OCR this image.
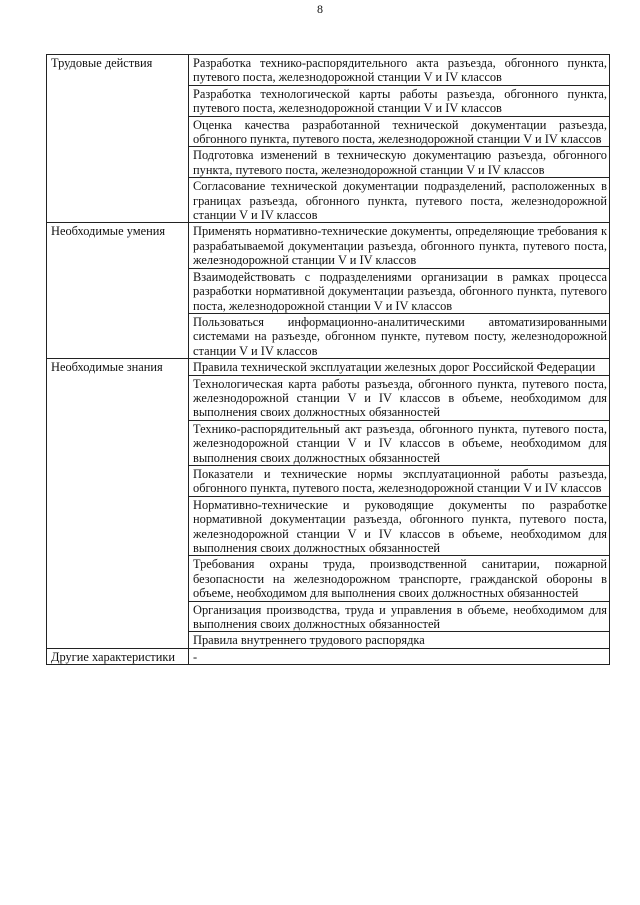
8
Трудовые действия	Разработка технико-распорядительного акта разъезда, обгонного пункта, путевого поста, железнодорожной станции V и IV классов
	Разработка технологической карты работы разъезда, обгонного пункта, путевого поста, железнодорожной станции V и IV классов
	Оценка качества разработанной технической документации разъезда, обгонного пункта, путевого поста, железнодорожной станции V и IV классов
	Подготовка изменений в техническую документацию разъезда, обгонного пункта, путевого поста, железнодорожной станции V и IV классов
	Согласование технической документации подразделений, расположенных в границах разъезда, обгонного пункта, путевого поста, железнодорожной станции V и IV классов
Необходимые умения	Применять нормативно-технические документы, определяющие требования к разрабатываемой документации разъезда, обгонного пункта, путевого поста, железнодорожной станции V и IV классов
	Взаимодействовать с подразделениями организации в рамках процесса разработки нормативной документации разъезда, обгонного пункта, путевого поста, железнодорожной станции V и IV классов
	Пользоваться информационно-аналитическими автоматизированными системами на разъезде, обгонном пункте, путевом посту, железнодорожной станции V и IV классов
Необходимые знания	Правила технической эксплуатации железных дорог Российской Федерации
	Технологическая карта работы разъезда, обгонного пункта, путевого поста, железнодорожной станции V и IV классов в объеме, необходимом для выполнения своих должностных обязанностей
	Технико-распорядительный акт разъезда, обгонного пункта, путевого поста, железнодорожной станции V и IV классов в объеме, необходимом для выполнения своих должностных обязанностей
	Показатели и технические нормы эксплуатационной работы разъезда, обгонного пункта, путевого поста, железнодорожной станции V и IV классов
	Нормативно-технические и руководящие документы по разработке нормативной документации разъезда, обгонного пункта, путевого поста, железнодорожной станции V и IV классов в объеме, необходимом для выполнения своих должностных обязанностей
	Требования охраны труда, производственной санитарии, пожарной безопасности на железнодорожном транспорте, гражданской обороны в объеме, необходимом для выполнения своих должностных обязанностей
	Организация производства, труда и управления в объеме, необходимом для выполнения своих должностных обязанностей
	Правила внутреннего трудового распорядка
Другие характеристики	-
